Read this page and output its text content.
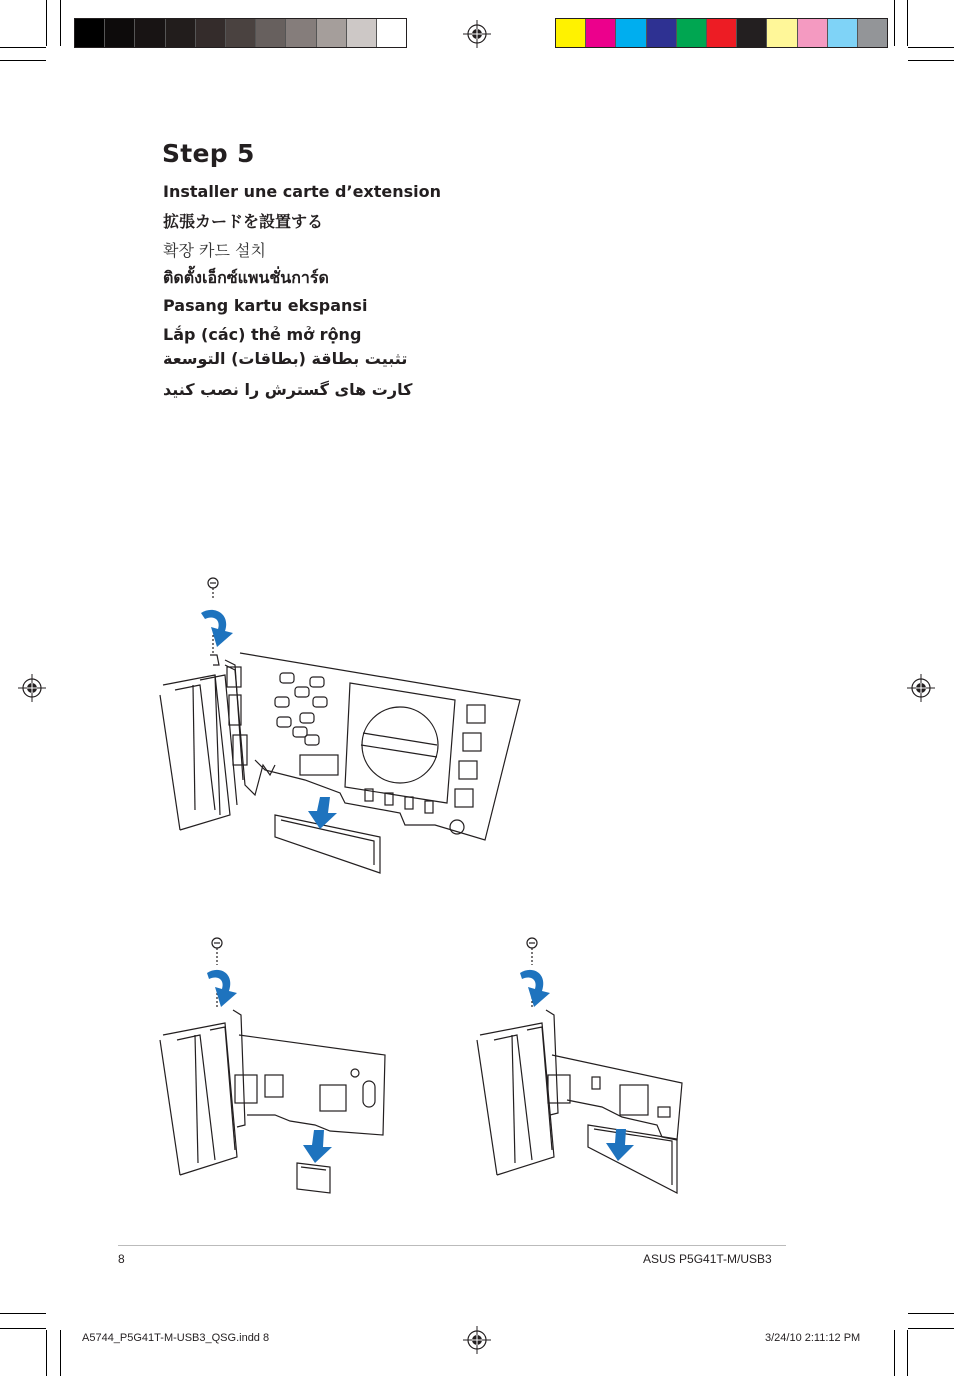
Step 5
Installer une carte d’extension
拡張カードを設置する
확장 카드 설치
ติดตั้งเอ็กซ์แพนชั่นการ์ด
Pasang kartu ekspansi
Lắp (các) thẻ mở rộng
تثبيت بطاقة (بطاقات) التوسعة
کارت های گسترش را نصب کنید
8	ASUS P5G41T-M/USB3
A5744_P5G41T-M-USB3_QSG.indd 8	3/24/10 2:11:12 PM
